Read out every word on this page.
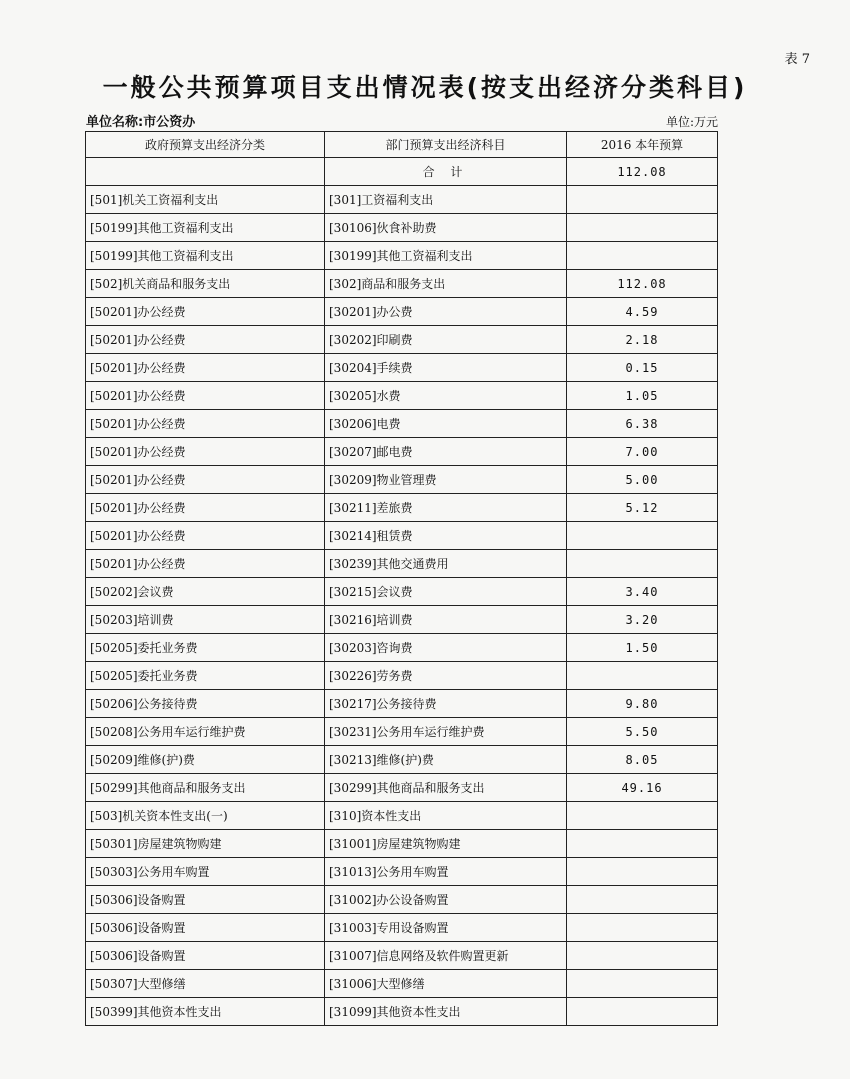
表 7
一般公共预算项目支出情况表(按支出经济分类科目)
单位名称:市公资办	单位:万元
政府预算支出经济分类	部门预算支出经济科目	2016 本年预算
	合 计	112.08
[501]机关工资福利支出	[301]工资福利支出	
[50199]其他工资福利支出	[30106]伙食补助费	
[50199]其他工资福利支出	[30199]其他工资福利支出	
[502]机关商品和服务支出	[302]商品和服务支出	112.08
[50201]办公经费	[30201]办公费	4.59
[50201]办公经费	[30202]印刷费	2.18
[50201]办公经费	[30204]手续费	0.15
[50201]办公经费	[30205]水费	1.05
[50201]办公经费	[30206]电费	6.38
[50201]办公经费	[30207]邮电费	7.00
[50201]办公经费	[30209]物业管理费	5.00
[50201]办公经费	[30211]差旅费	5.12
[50201]办公经费	[30214]租赁费	
[50201]办公经费	[30239]其他交通费用	
[50202]会议费	[30215]会议费	3.40
[50203]培训费	[30216]培训费	3.20
[50205]委托业务费	[30203]咨询费	1.50
[50205]委托业务费	[30226]劳务费	
[50206]公务接待费	[30217]公务接待费	9.80
[50208]公务用车运行维护费	[30231]公务用车运行维护费	5.50
[50209]维修(护)费	[30213]维修(护)费	8.05
[50299]其他商品和服务支出	[30299]其他商品和服务支出	49.16
[503]机关资本性支出(一)	[310]资本性支出	
[50301]房屋建筑物购建	[31001]房屋建筑物购建	
[50303]公务用车购置	[31013]公务用车购置	
[50306]设备购置	[31002]办公设备购置	
[50306]设备购置	[31003]专用设备购置	
[50306]设备购置	[31007]信息网络及软件购置更新	
[50307]大型修缮	[31006]大型修缮	
[50399]其他资本性支出	[31099]其他资本性支出	
